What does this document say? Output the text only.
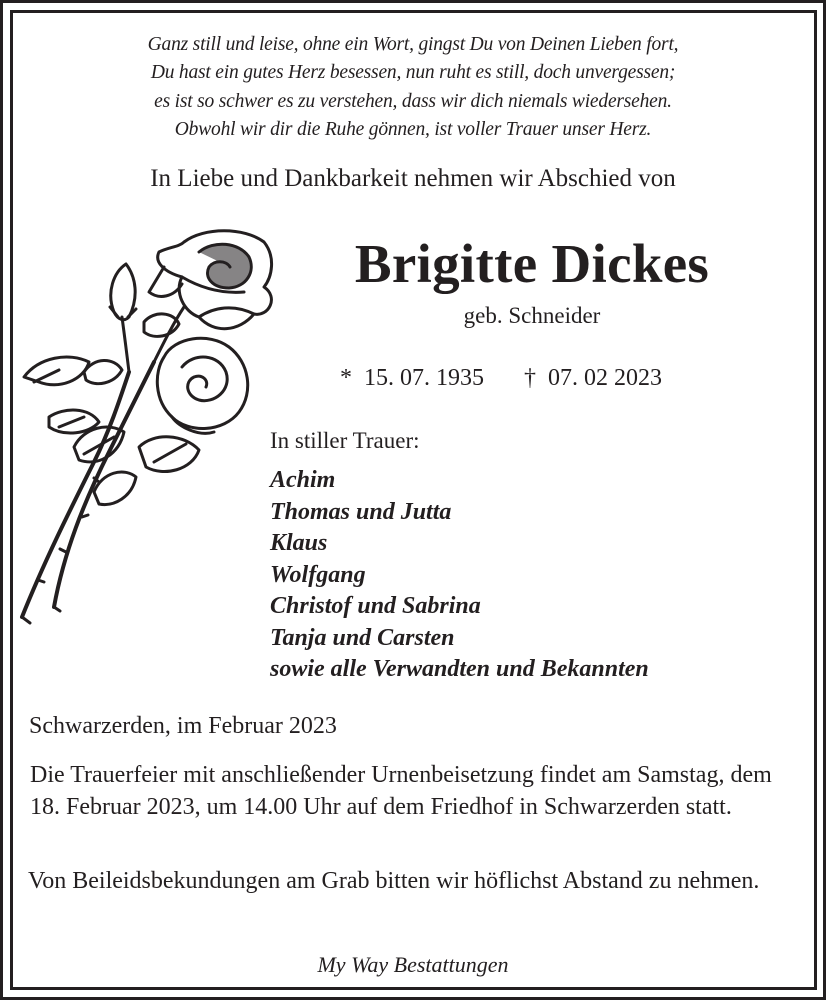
Ganz still und leise, ohne ein Wort, gingst Du von Deinen Lieben fort,
Du hast ein gutes Herz besessen, nun ruht es still, doch unvergessen;
es ist so schwer es zu verstehen, dass wir dich niemals wiedersehen.
Obwohl wir dir die Ruhe gönnen, ist voller Trauer unser Herz.
In Liebe und Dankbarkeit nehmen wir Abschied von
Brigitte Dickes
geb. Schneider
* 15. 07. 1935 † 07. 02 2023
In stiller Trauer:
Achim
Thomas und Jutta
Klaus
Wolfgang
Christof und Sabrina
Tanja und Carsten
sowie alle Verwandten und Bekannten
Schwarzerden, im Februar 2023
Die Trauerfeier mit anschließender Urnenbeisetzung findet am Samstag, dem 18. Februar 2023, um 14.00 Uhr auf dem Friedhof in Schwarzerden statt.
Von Beileidsbekundungen am Grab bitten wir höflichst Abstand zu nehmen.
My Way Bestattungen
